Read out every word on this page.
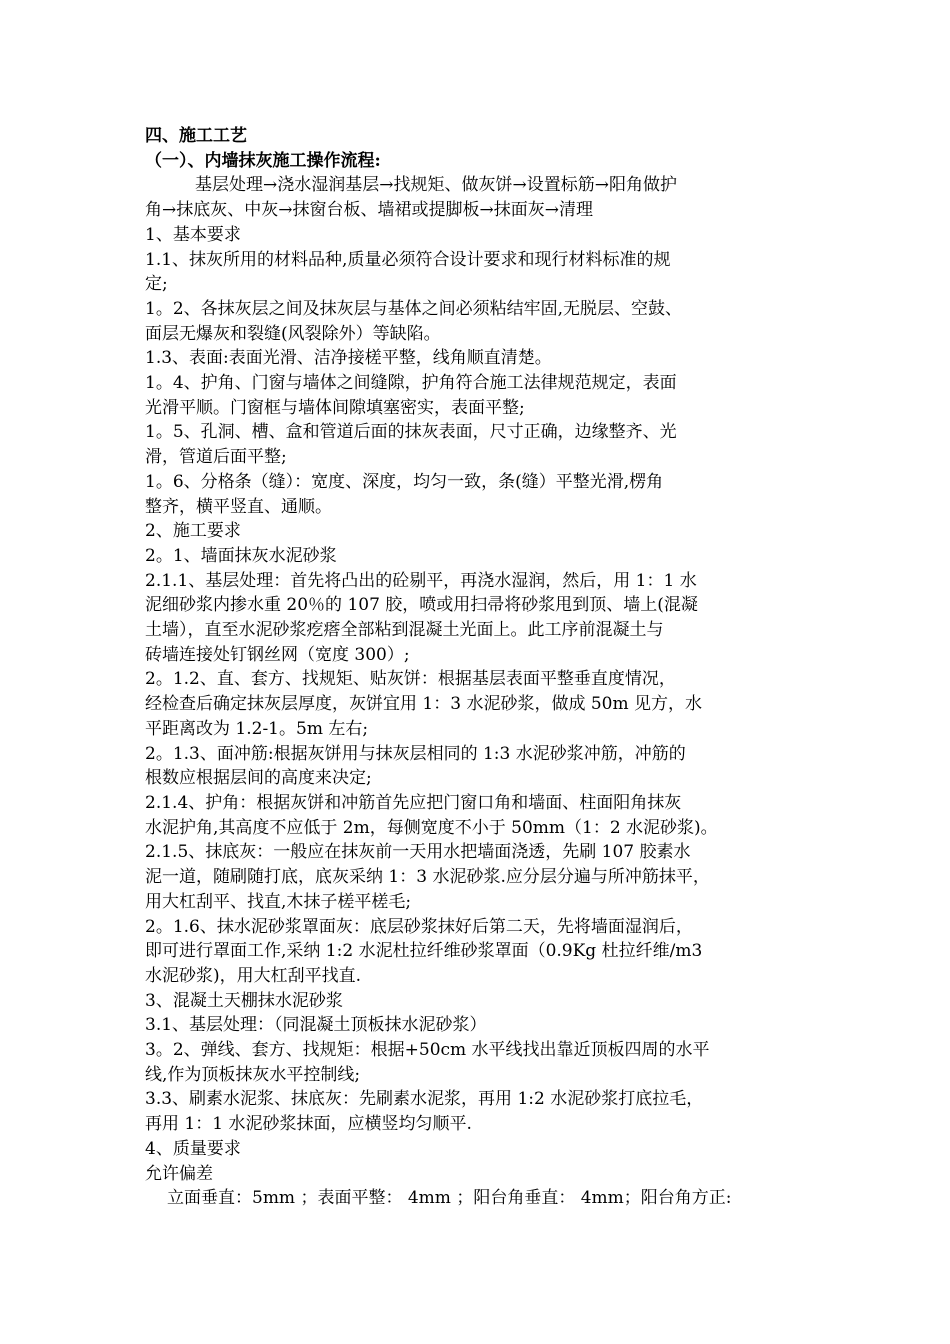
四、施工工艺

（一）、内墙抹灰施工操作流程:

基层处理→浇水湿润基层→找规矩、做灰饼→设置标筋→阳角做护

角→抹底灰、中灰→抹窗台板、墙裙或提脚板→抹面灰→清理

1、基本要求

1.1、抹灰所用的材料品种,质量必须符合设计要求和现行材料标准的规

定;

1。2、各抹灰层之间及抹灰层与基体之间必须粘结牢固,无脱层、空鼓、

面层无爆灰和裂缝(风裂除外）等缺陷。

1.3、表面:表面光滑、洁净接槎平整，线角顺直清楚。

1。4、护角、门窗与墙体之间缝隙，护角符合施工法律规范规定，表面

光滑平顺。门窗框与墙体间隙填塞密实，表面平整;

1。5、孔洞、槽、盒和管道后面的抹灰表面，尺寸正确，边缘整齐、光

滑，管道后面平整;

1。6、分格条（缝）：宽度、深度，均匀一致，条(缝）平整光滑,楞角

整齐，横平竖直、通顺。

2、施工要求

2。1、墙面抹灰水泥砂浆

2.1.1、基层处理：首先将凸出的砼剔平，再浇水湿润，然后，用 1：1 水

泥细砂浆内掺水重 20％的 107 胶，喷或用扫帚将砂浆甩到顶、墙上(混凝

土墙），直至水泥砂浆疙瘩全部粘到混凝土光面上。此工序前混凝土与

砖墙连接处钉钢丝网（宽度 300）;

2。1.2、直、套方、找规矩、贴灰饼：根据基层表面平整垂直度情况，

经检查后确定抹灰层厚度，灰饼宜用 1：3 水泥砂浆，做成 50m 见方，水

平距离改为 1.2-1。5m 左右;

2。1.3、面冲筋:根据灰饼用与抹灰层相同的 1:3 水泥砂浆冲筋，冲筋的

根数应根据层间的高度来决定;

2.1.4、护角：根据灰饼和冲筋首先应把门窗口角和墙面、柱面阳角抹灰

水泥护角,其高度不应低于 2m，每侧宽度不小于 50mm（1：2 水泥砂浆)。

2.1.5、抹底灰：一般应在抹灰前一天用水把墙面浇透，先刷 107 胶素水

泥一道，随刷随打底，底灰采纳 1：3 水泥砂浆.应分层分遍与所冲筋抹平，

用大杠刮平、找直,木抹子槎平槎毛;

2。1.6、抹水泥砂浆罩面灰：底层砂浆抹好后第二天，先将墙面湿润后，

即可进行罩面工作,采纳 1:2 水泥杜拉纤维砂浆罩面（0.9Kg 杜拉纤维/m3

水泥砂浆)，用大杠刮平找直.

3、混凝土天棚抹水泥砂浆

3.1、基层处理：（同混凝土顶板抹水泥砂浆）

3。2、弹线、套方、找规矩：根据+50cm 水平线找出靠近顶板四周的水平

线,作为顶板抹灰水平控制线;

3.3、刷素水泥浆、抹底灰：先刷素水泥浆，再用 1:2 水泥砂浆打底拉毛，

再用 1：1 水泥砂浆抹面，应横竖均匀顺平.

4、质量要求

允许偏差

立面垂直：5mm ；表面平整： 4mm ；阳台角垂直： 4mm；阳台角方正:
